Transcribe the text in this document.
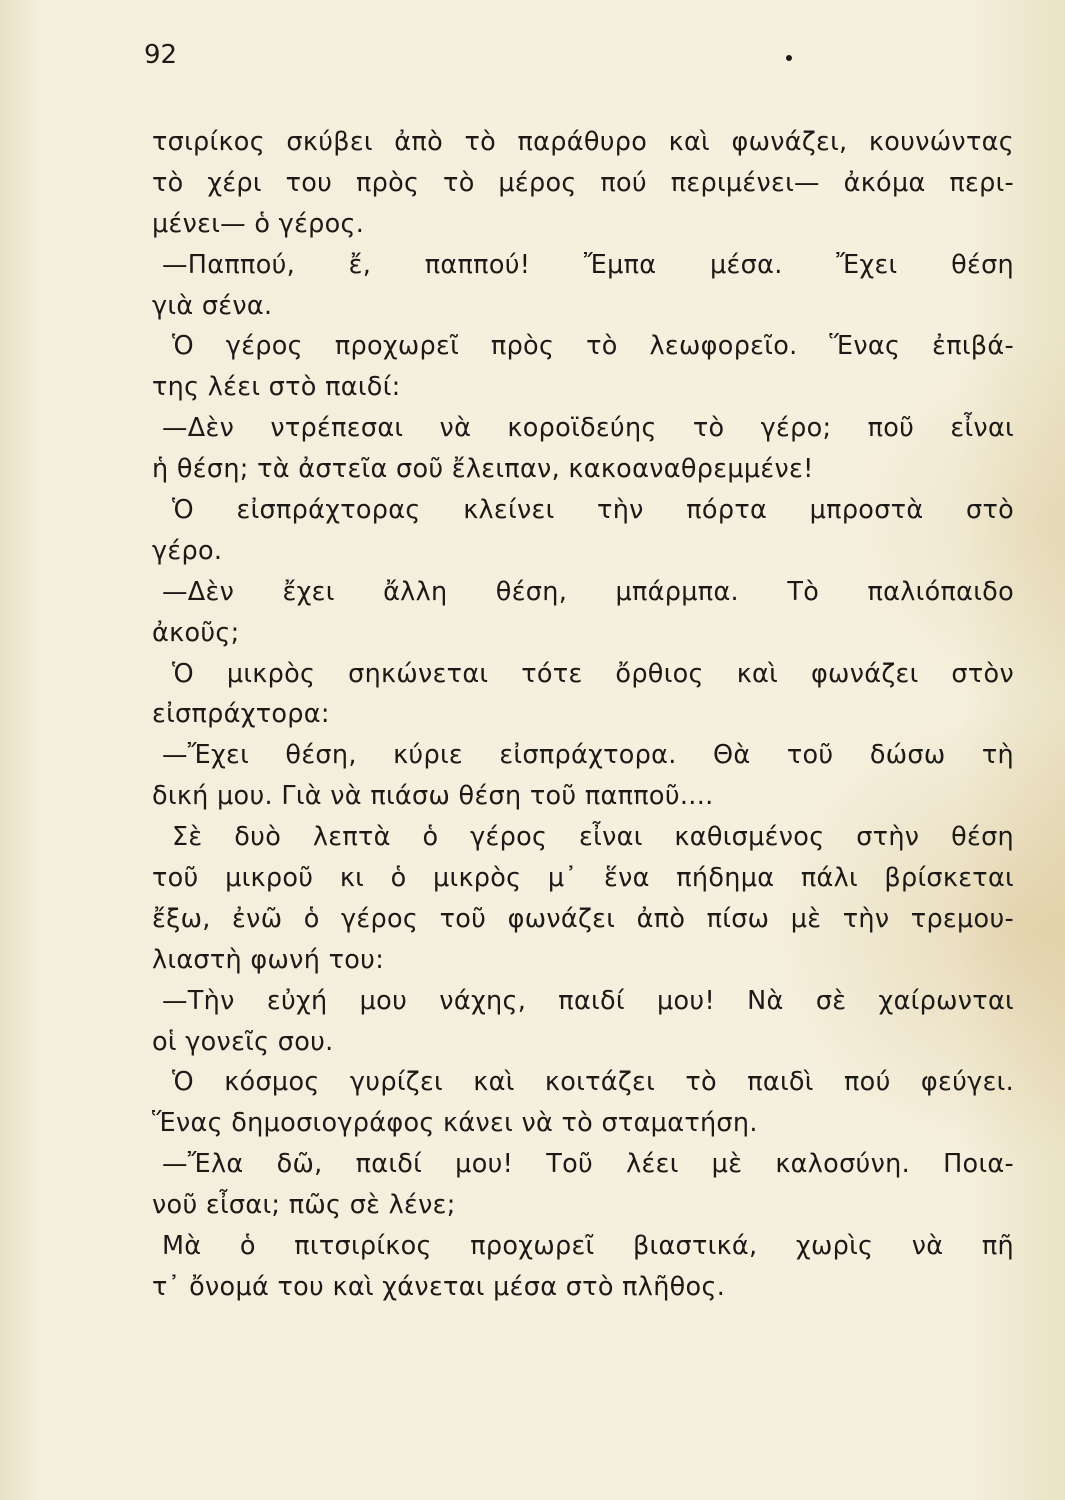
92
τσιρίκος σκύβει ἀπὸ τὸ παράθυρο καὶ φωνάζει, κουνώντας
τὸ χέρι του πρὸς τὸ μέρος πού περιμένει— ἀκόμα περι-
μένει— ὁ γέρος.
—Παππού, ἔ, παππού! Ἔμπα μέσα. Ἔχει θέση
γιὰ σένα.
Ὁ γέρος προχωρεῖ πρὸς τὸ λεωφορεῖο. Ἕνας ἐπιβά-
της λέει στὸ παιδί:
—Δὲν ντρέπεσαι νὰ κοροϊδεύης τὸ γέρο; ποῦ εἶναι
ἡ θέση; τὰ ἀστεῖα σοῦ ἔλειπαν, κακοαναθρεμμένε!
Ὁ εἰσπράχτορας κλείνει τὴν πόρτα μπροστὰ στὸ
γέρο.
—Δὲν ἔχει ἄλλη θέση, μπάρμπα. Τὸ παλιόπαιδο
ἀκοῦς;
Ὁ μικρὸς σηκώνεται τότε ὄρθιος καὶ φωνάζει στὸν
εἰσπράχτορα:
—Ἔχει θέση, κύριε εἰσπράχτορα. Θὰ τοῦ δώσω τὴ
δική μου. Γιὰ νὰ πιάσω θέση τοῦ παπποῦ....
Σὲ δυὸ λεπτὰ ὁ γέρος εἶναι καθισμένος στὴν θέση
τοῦ μικροῦ κι ὁ μικρὸς μ᾽ ἕνα πήδημα πάλι βρίσκεται
ἔξω, ἐνῶ ὁ γέρος τοῦ φωνάζει ἀπὸ πίσω μὲ τὴν τρεμου-
λιαστὴ φωνή του:
—Τὴν εὐχή μου νάχης, παιδί μου! Νὰ σὲ χαίρωνται
οἱ γονεῖς σου.
Ὁ κόσμος γυρίζει καὶ κοιτάζει τὸ παιδὶ πού φεύγει.
Ἕνας δημοσιογράφος κάνει νὰ τὸ σταματήση.
—Ἔλα δῶ, παιδί μου! Τοῦ λέει μὲ καλοσύνη. Ποια-
νοῦ εἶσαι; πῶς σὲ λένε;
Μὰ ὁ πιτσιρίκος προχωρεῖ βιαστικά, χωρὶς νὰ πῆ
τ᾽ ὄνομά του καὶ χάνεται μέσα στὸ πλῆθος.
